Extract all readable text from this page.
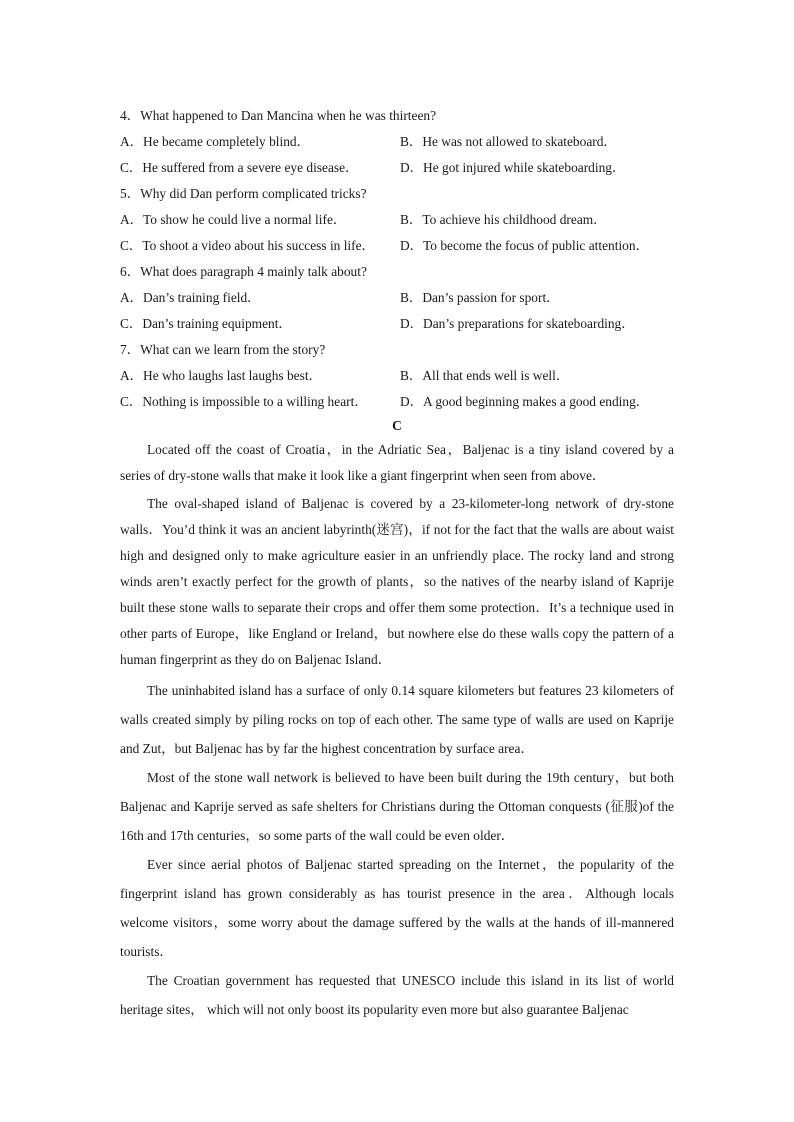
4．What happened to Dan Mancina when he was thirteen?
A．He became completely blind．	B．He was not allowed to skateboard．
C．He suffered from a severe eye disease．	D．He got injured while skateboarding．
5．Why did Dan perform complicated tricks?
A．To show he could live a normal life．	B．To achieve his childhood dream．
C．To shoot a video about his success in life． D．To become the focus of public attention．
6．What does paragraph 4 mainly talk about?
A．Dan’s training field．	B．Dan’s passion for sport．
C．Dan’s training equipment．	D．Dan’s preparations for skateboarding．
7．What can we learn from the story?
A．He who laughs last laughs best．	B．All that ends well is well．
C．Nothing is impossible to a willing heart． D．A good beginning makes a good ending．
C

Located off the coast of Croatia，in the Adriatic Sea，Baljenac is a tiny island covered by a series of dry-stone walls that make it look like a giant fingerprint when seen from above．

The oval-shaped island of Baljenac is covered by a 23-kilometer-long network of dry-stone walls．You’d think it was an ancient labyrinth(迷宫)，if not for the fact that the walls are about waist high and designed only to make agriculture easier in an unfriendly place. The rocky land and strong winds aren’t exactly perfect for the growth of plants，so the natives of the nearby island of Kaprije built these stone walls to separate their crops and offer them some protection．It’s a technique used in other parts of Europe，like England or Ireland，but nowhere else do these walls copy the pattern of a human fingerprint as they do on Baljenac Island．

The uninhabited island has a surface of only 0.14 square kilometers but features 23 kilometers of walls created simply by piling rocks on top of each other. The same type of walls are used on Kaprije and Zut，but Baljenac has by far the highest concentration by surface area．

Most of the stone wall network is believed to have been built during the 19th century，but both Baljenac and Kaprije served as safe shelters for Christians during the Ottoman conquests (征服)of the 16th and 17th centuries，so some parts of the wall could be even older．

Ever since aerial photos of Baljenac started spreading on the Internet，the popularity of the fingerprint island has grown considerably as has tourist presence in the area．Although locals welcome visitors，some worry about the damage suffered by the walls at the hands of ill-mannered tourists．

The Croatian government has requested that UNESCO include this island in its list of world heritage sites， which will not only boost its popularity even more but also guarantee Baljenac
